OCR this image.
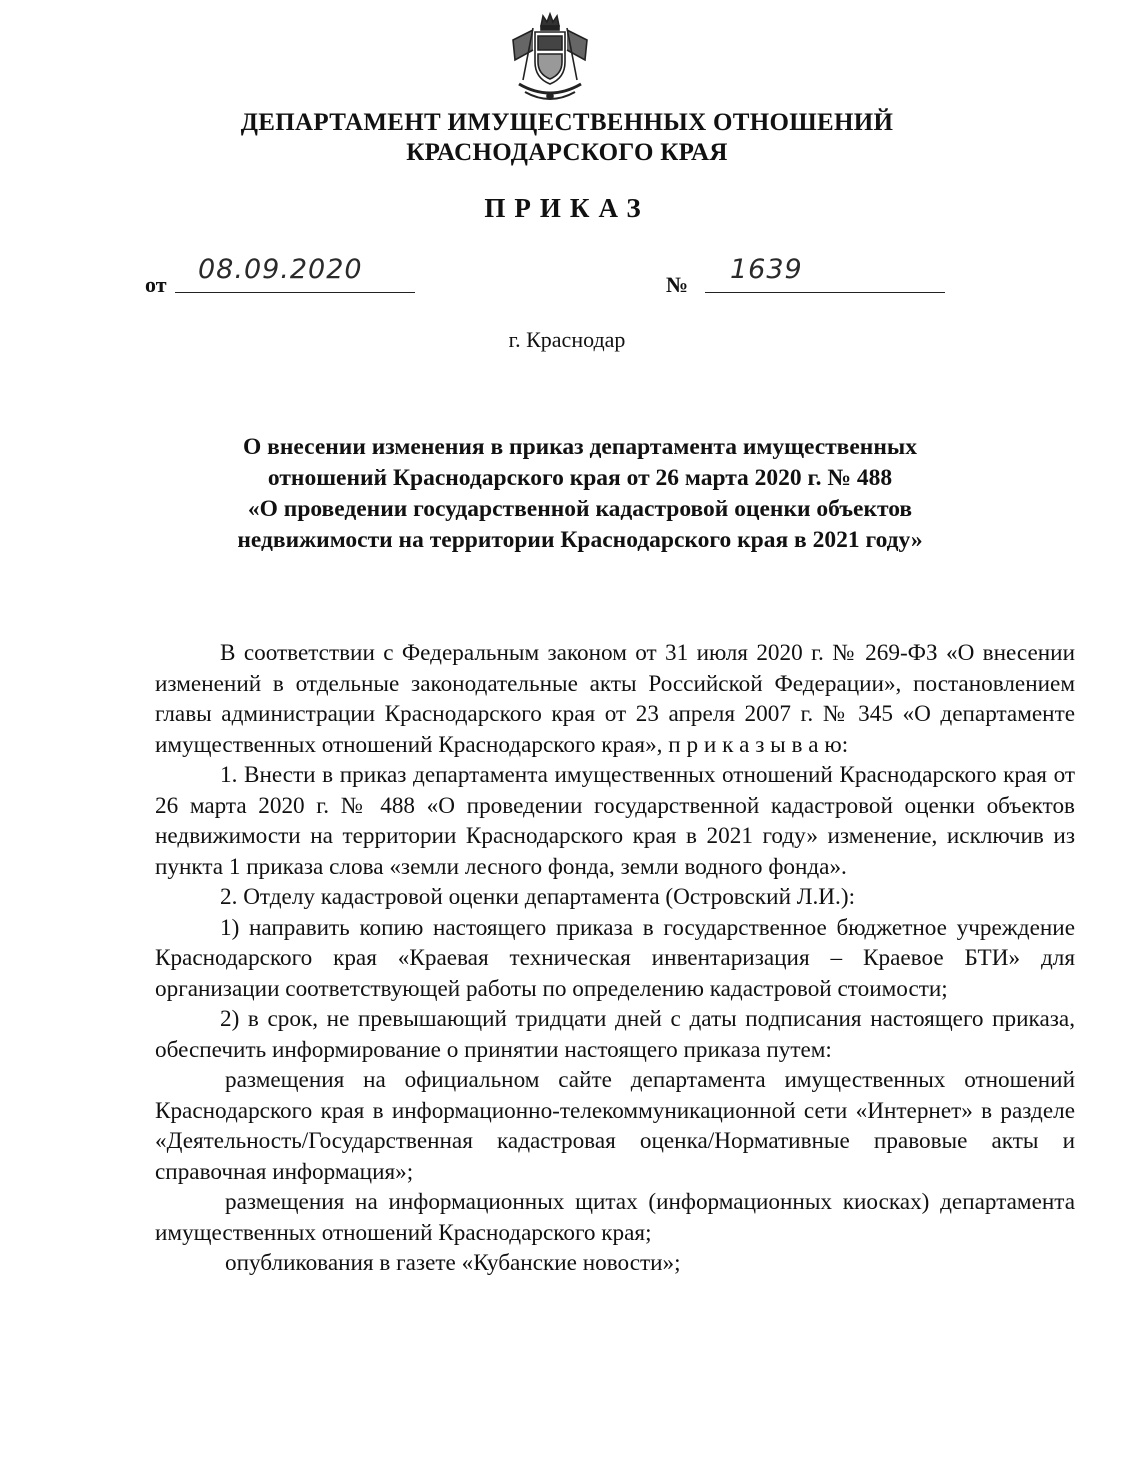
ДЕПАРТАМЕНТ ИМУЩЕСТВЕННЫХ ОТНОШЕНИЙ
КРАСНОДАРСКОГО КРАЯ
ПРИКАЗ
от 08.09.2020	№ 1639
г. Краснодар
О внесении изменения в приказ департамента имущественных
отношений Краснодарского края от 26 марта 2020 г. № 488
«О проведении государственной кадастровой оценки объектов
недвижимости на территории Краснодарского края в 2021 году»

В соответствии с Федеральным законом от 31 июля 2020 г. № 269-ФЗ «О внесении изменений в отдельные законодательные акты Российской Федерации», постановлением главы администрации Краснодарского края от 23 апреля 2007 г. № 345 «О департаменте имущественных отношений Краснодарского края», п р и к а з ы в а ю:

1. Внести в приказ департамента имущественных отношений Краснодарского края от 26 марта 2020 г. № 488 «О проведении государственной кадастровой оценки объектов недвижимости на территории Краснодарского края в 2021 году» изменение, исключив из пункта 1 приказа слова «земли лесного фонда, земли водного фонда».

2. Отделу кадастровой оценки департамента (Островский Л.И.):

1) направить копию настоящего приказа в государственное бюджетное учреждение Краснодарского края «Краевая техническая инвентаризация – Краевое БТИ» для организации соответствующей работы по определению кадастровой стоимости;

2) в срок, не превышающий тридцати дней с даты подписания настоящего приказа, обеспечить информирование о принятии настоящего приказа путем:

размещения на официальном сайте департамента имущественных отношений Краснодарского края в информационно-телекоммуникационной сети «Интернет» в разделе «Деятельность/Государственная кадастровая оценка/Нормативные правовые акты и справочная информация»;

размещения на информационных щитах (информационных киосках) департамента имущественных отношений Краснодарского края;

опубликования в газете «Кубанские новости»;
